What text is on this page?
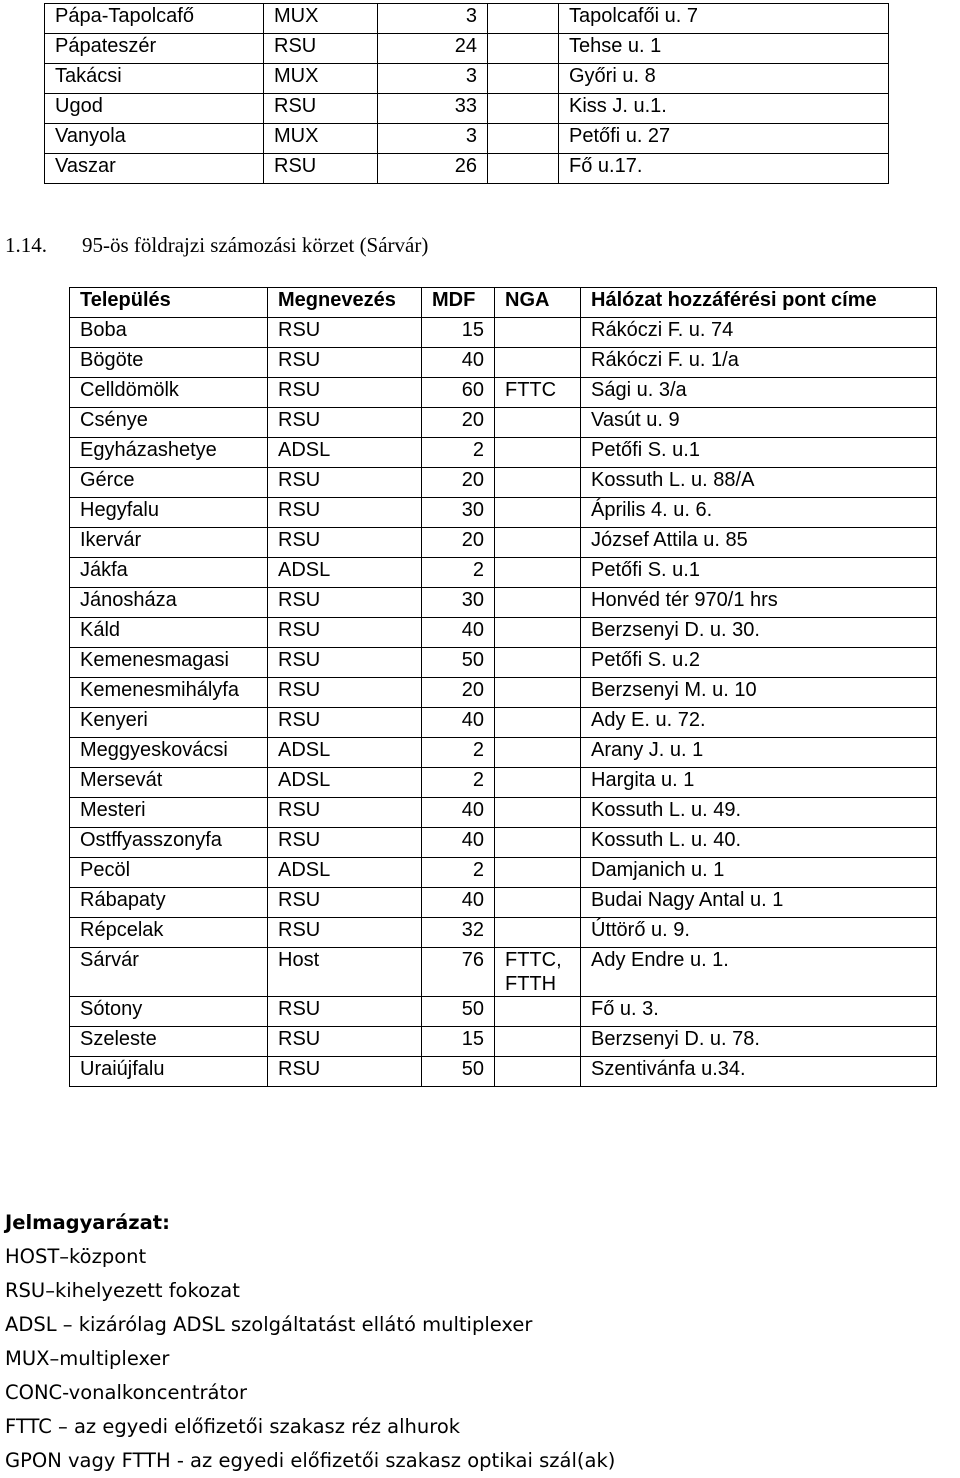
Pápa-Tapolcafő	MUX	3		Tapolcafői u. 7
Pápateszér	RSU	24		Tehse u. 1
Takácsi	MUX	3		Győri u. 8
Ugod	RSU	33		Kiss J. u.1.
Vanyola	MUX	3		Petőfi u. 27
Vaszar	RSU	26		Fő u.17.
1.14. 95-ös földrajzi számozási körzet (Sárvár)
Település	Megnevezés	MDF	NGA	Hálózat hozzáférési pont címe
Boba	RSU	15		Rákóczi F. u. 74
Bögöte	RSU	40		Rákóczi F. u. 1/a
Celldömölk	RSU	60	FTTC	Sági u. 3/a
Csénye	RSU	20		Vasút u. 9
Egyházashetye	ADSL	2		Petőfi S. u.1
Gérce	RSU	20		Kossuth L. u. 88/A
Hegyfalu	RSU	30		Április 4. u. 6.
Ikervár	RSU	20		József Attila u. 85
Jákfa	ADSL	2		Petőfi S. u.1
Jánosháza	RSU	30		Honvéd tér 970/1 hrs
Káld	RSU	40		Berzsenyi D. u. 30.
Kemenesmagasi	RSU	50		Petőfi S. u.2
Kemenesmihályfa	RSU	20		Berzsenyi M. u. 10
Kenyeri	RSU	40		Ady E. u. 72.
Meggyeskovácsi	ADSL	2		Arany J. u. 1
Mersevát	ADSL	2		Hargita u. 1
Mesteri	RSU	40		Kossuth L. u. 49.
Ostffyasszonyfa	RSU	40		Kossuth L. u. 40.
Pecöl	ADSL	2		Damjanich u. 1
Rábapaty	RSU	40		Budai Nagy Antal u. 1
Répcelak	RSU	32		Úttörő u. 9.
Sárvár	Host	76	FTTC, FTTH	Ady Endre u. 1.
Sótony	RSU	50		Fő u. 3.
Szeleste	RSU	15		Berzsenyi D. u. 78.
Uraiújfalu	RSU	50		Szentivánfa u.34.
Jelmagyarázat:
HOST–központ
RSU–kihelyezett fokozat
ADSL – kizárólag ADSL szolgáltatást ellátó multiplexer
MUX–multiplexer
CONC-vonalkoncentrátor
FTTC – az egyedi előfizetői szakasz réz alhurok
GPON vagy FTTH - az egyedi előfizetői szakasz optikai szál(ak)
